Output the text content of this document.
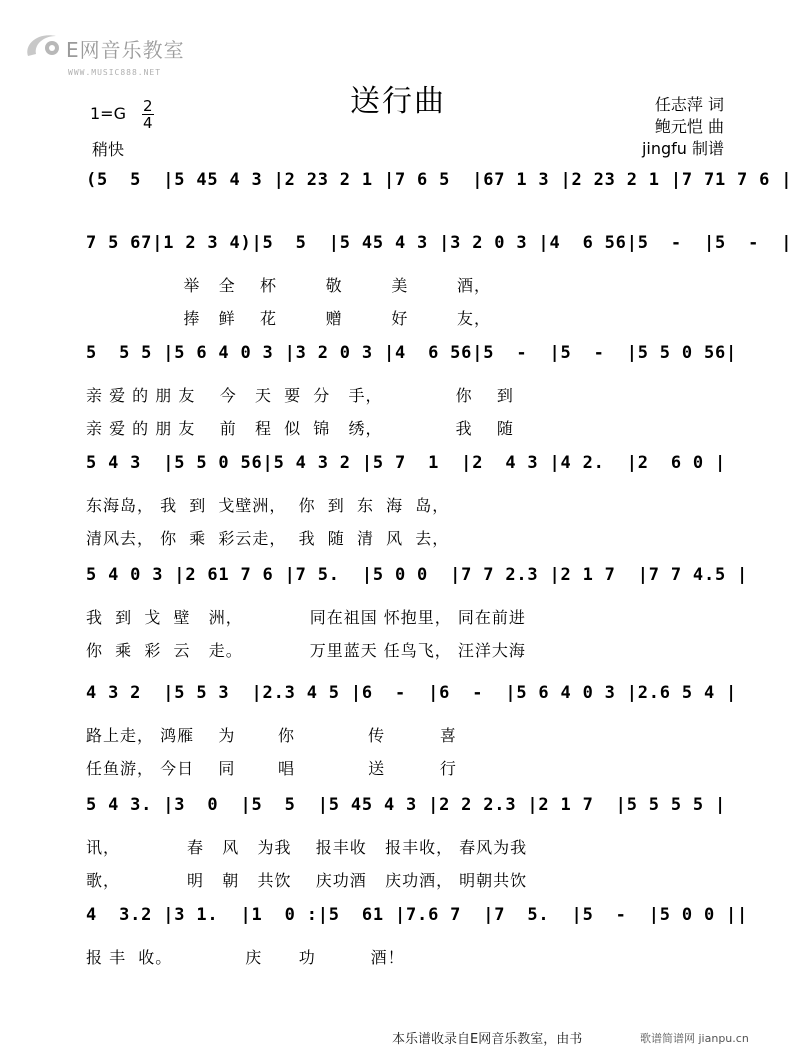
E网音乐教室
WWW.MUSIC888.NET
送行曲
1=G 2
4
稍快
任志萍 词
鲍元恺 曲
jingfu 制谱
(5  5  |5 45 4 3 |2 23 2 1 |7 6 5  |67 1 3 |2 23 2 1 |7 71 7 6 |
7 5 67|1 2 3 4)|5  5  |5 45 4 3 |3 2 0 3 |4  6 56|5  -  |5  -  |
举   全    杯        敬        美        酒，
捧   鲜    花        赠        好        友，
5  5 5 |5 6 4 0 3 |3 2 0 3 |4  6 56|5  -  |5  -  |5 5 0 56|
亲 爱 的 朋 友    今   天  要  分   手，            你    到
亲 爱 的 朋 友    前   程  似  锦   绣，            我    随
5 4 3  |5 5 0 56|5 4 3 2 |5 7  1  |2  4 3 |4 2.  |2  6 0 |
东海岛， 我  到  戈壁洲，  你  到  东  海  岛，
清风去， 你  乘  彩云走，  我  随  清  风  去，
5 4 0 3 |2 61 7 6 |7 5.  |5 0 0  |7 7 2.3 |2 1 7  |7 7 4.5 |
我  到  戈  壁   洲，           同在祖国 怀抱里， 同在前进
你  乘  彩  云   走。           万里蓝天 任鸟飞， 汪洋大海
4 3 2  |5 5 3  |2.3 4 5 |6  -  |6  -  |5 6 4 0 3 |2.6 5 4 |
路上走， 鸿雁    为       你            传         喜
任鱼游， 今日    同       唱            送         行
5 4 3. |3  0  |5  5  |5 45 4 3 |2 2 2.3 |2 1 7  |5 5 5 5 |
讯，           春   风   为我    报丰收   报丰收， 春风为我
歌，           明   朝   共饮    庆功酒   庆功酒， 明朝共饮
4  3.2 |3 1.  |1  0 :|5  61 |7.6 7  |7  5.  |5  -  |5 0 0 ||
报 丰  收。            庆      功         酒！
本乐谱收录自E网音乐教室，由书	歌谱简谱网 jianpu.cn
